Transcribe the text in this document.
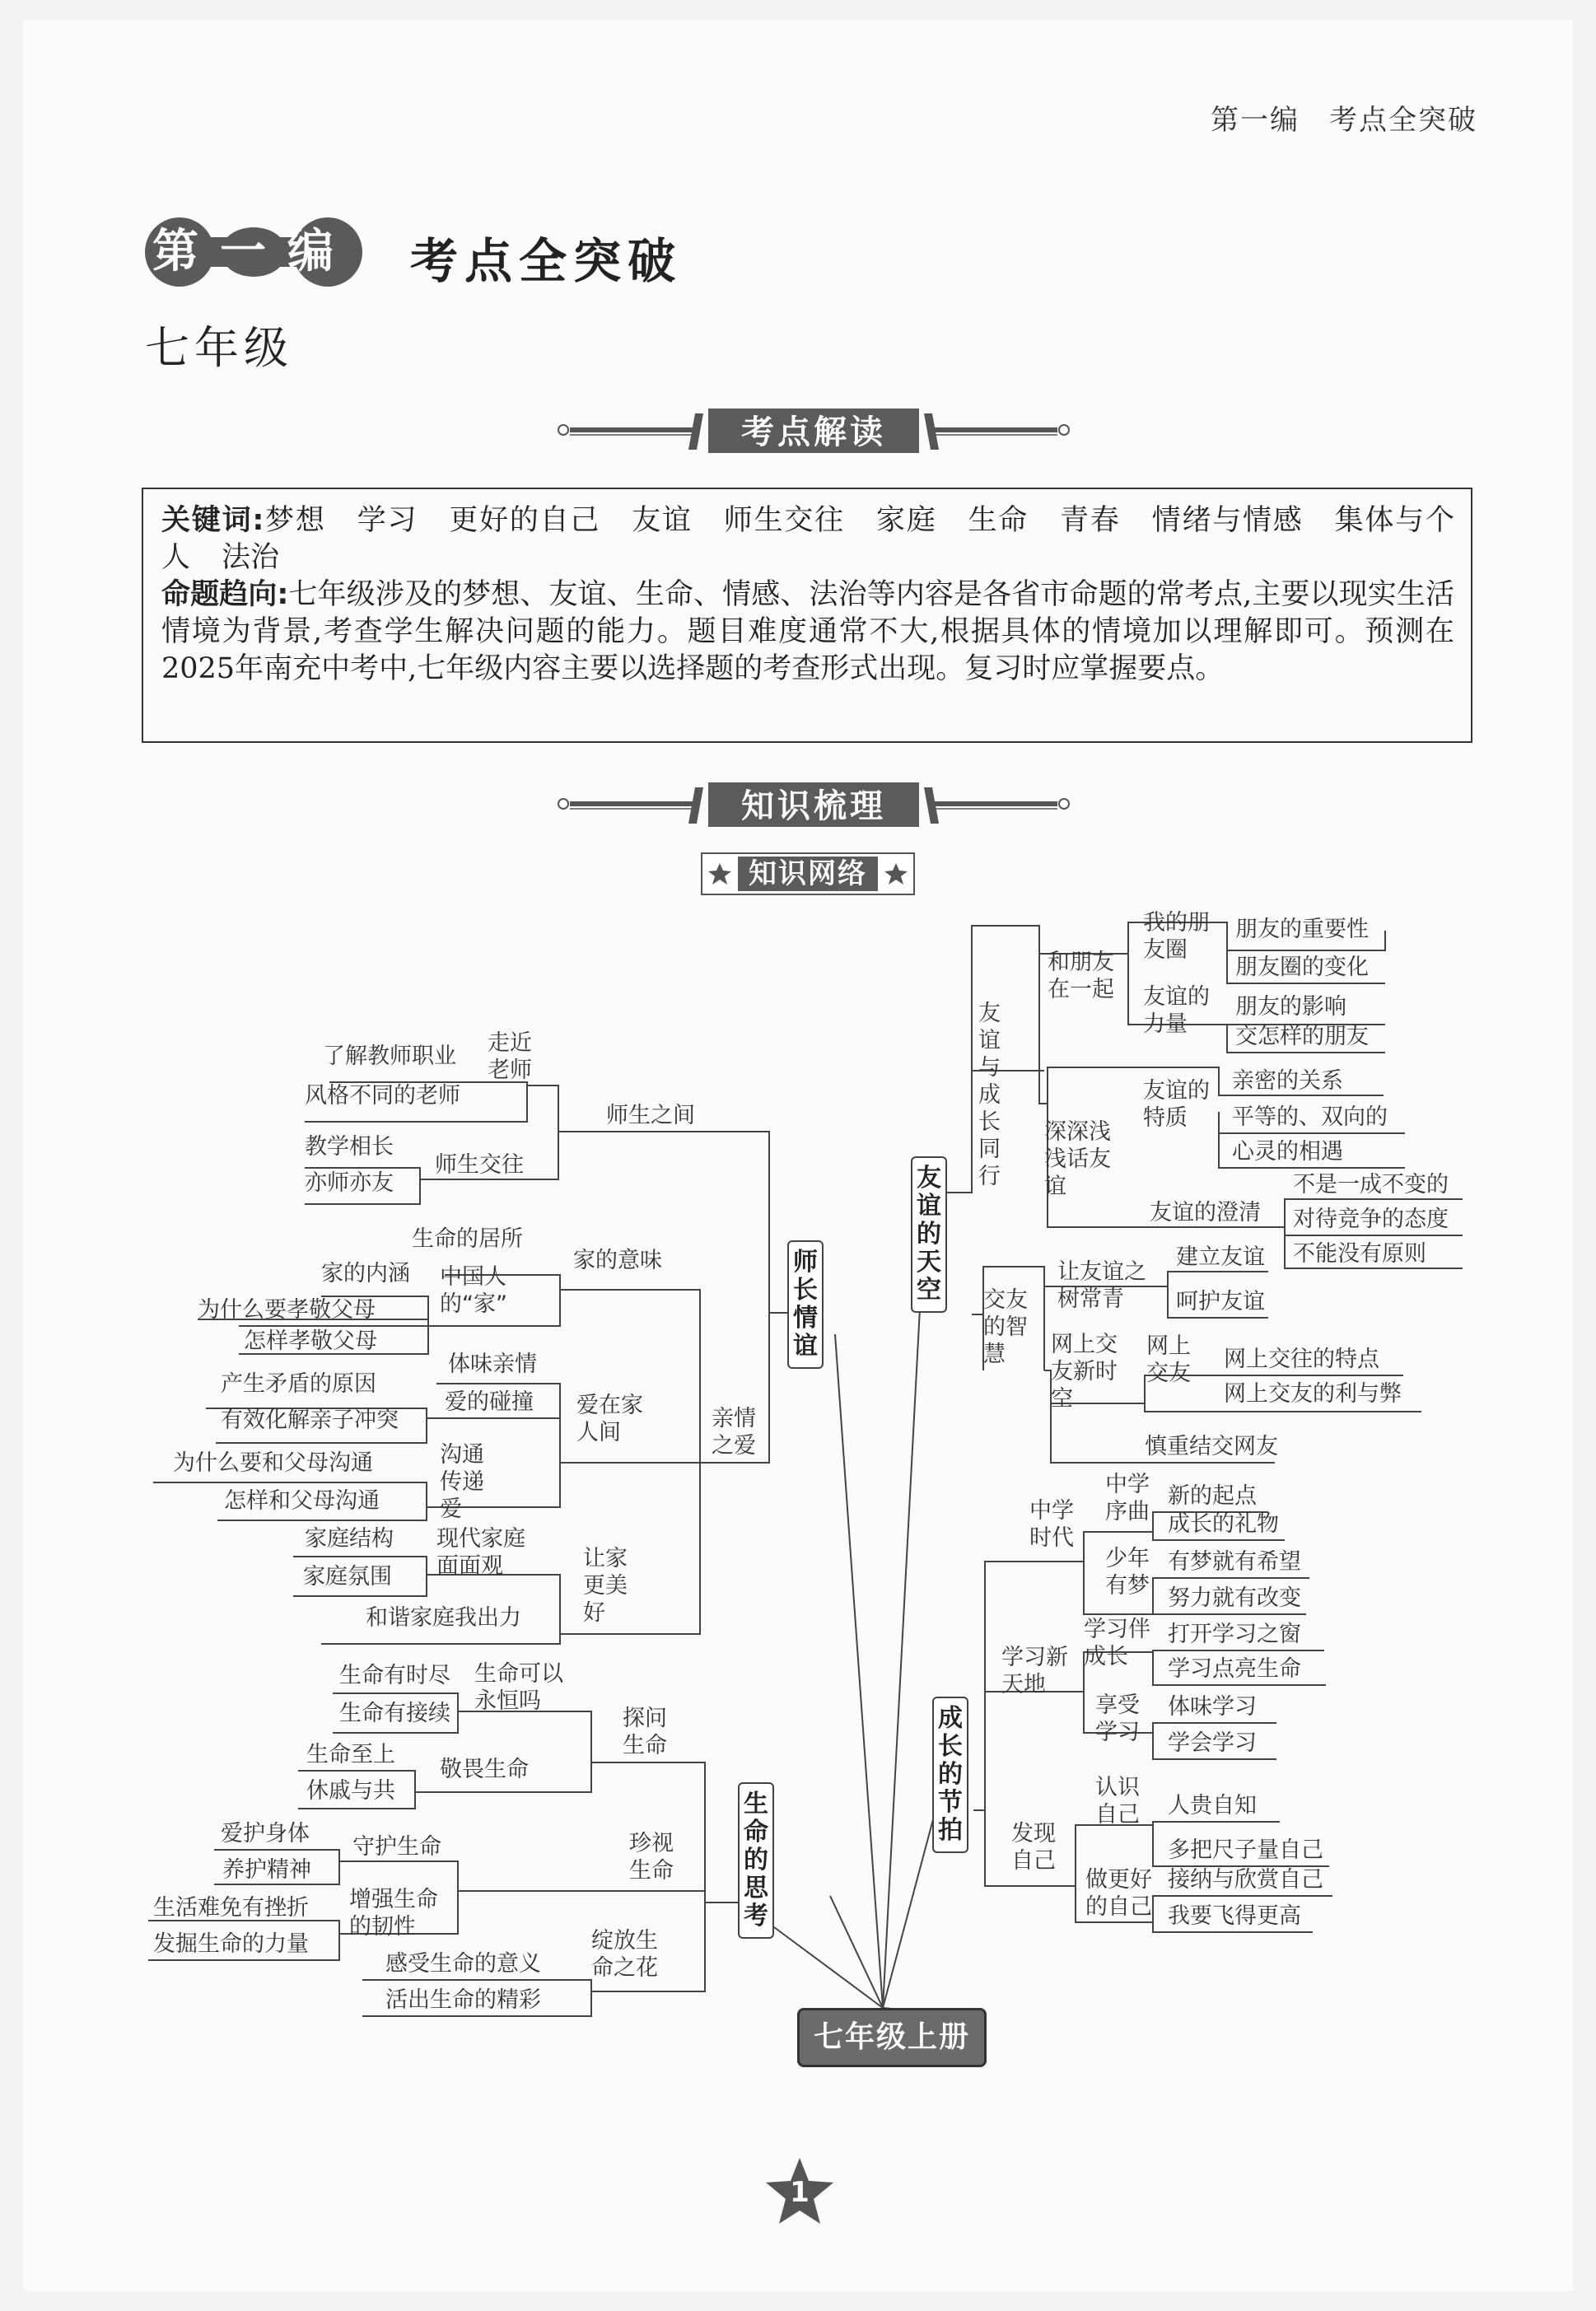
第一编　考点全突破
第一编 考点全突破
七年级
考点解读

关键词:梦想 学习 更好的自己 友谊 师生交往 家庭 生命 青春 情绪与情感 集体与个人 法治

命题趋向:七年级涉及的梦想、友谊、生命、情感、法治等内容是各省市命题的常考点,主要以现实生活情境为背景,考查学生解决问题的能力。题目难度通常不大,根据具体的情境加以理解即可。预测在2025年南充中考中,七年级内容主要以选择题的考查形式出现。复习时应掌握要点。

知识梳理
知识网络
友谊的天空
成长的节拍
师长情谊
生命的思考
七年级上册
友谊与成长同行
和朋友在一起
我的朋友圈
朋友的重要性
朋友圈的变化
友谊的力量
朋友的影响
交怎样的朋友
深深浅浅话友谊
友谊的特质
亲密的关系
平等的、双向的
心灵的相遇
友谊的澄清
不是一成不变的
对待竞争的态度
不能没有原则
交友的智慧
让友谊之树常青
建立友谊
呵护友谊
网上交友新时空
网上交友
网上交往的特点
网上交友的利与弊
慎重结交网友
中学时代
中学序曲
新的起点
成长的礼物
少年有梦
有梦就有希望
努力就有改变
学习新天地
学习伴成长
打开学习之窗
学习点亮生命
享受学习
体味学习
学会学习
发现自己
认识自己 人贵自知
多把尺子量自己
做更好的自己
接纳与欣赏自己
我要飞得更高
师生之间
走近老师
了解教师职业
风格不同的老师
师生交往
教学相长
亦师亦友
亲情之爱
家的意味
生命的居所
中国人的“家”
家的内涵
为什么要孝敬父母
怎样孝敬父母
爱在家人间
体味亲情
爱的碰撞
产生矛盾的原因
有效化解亲子冲突
沟通传递爱
为什么要和父母沟通
怎样和父母沟通
让家更美好
现代家庭面面观
家庭结构
家庭氛围
和谐家庭我出力
探问生命
生命可以永恒吗
生命有时尽
生命有接续
敬畏生命
生命至上
休戚与共
珍视生命
守护生命
爱护身体
养护精神
增强生命的韧性
生活难免有挫折
发掘生命的力量	绽放生命之花
感受生命的意义
活出生命的精彩
1
